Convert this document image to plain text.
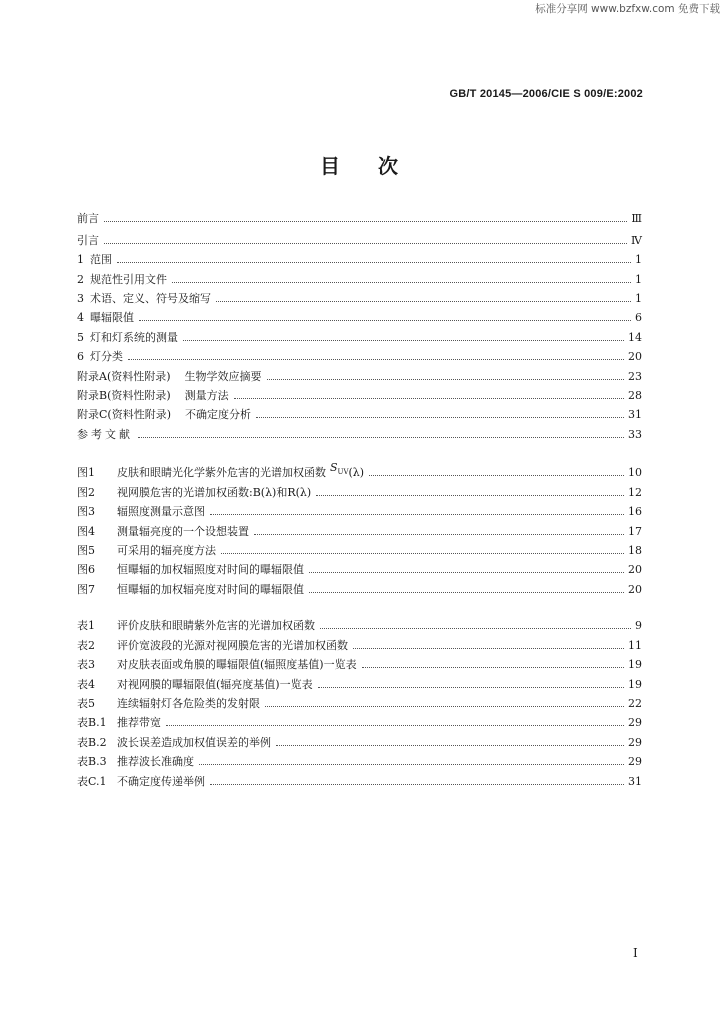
标准分享网 www.bzfxw.com 免费下载
GB/T 20145—2006/CIE S 009/E:2002
目次
前言	Ⅲ
引言	Ⅳ
1 范围	1
2 规范性引用文件	1
3 术语、定义、符号及缩写	1
4 曝辐限值	6
5 灯和灯系统的测量	14
6 灯分类	20
附录A(资料性附录) 生物学效应摘要	23
附录B(资料性附录) 测量方法	28
附录C(资料性附录) 不确定度分析	31
参考文献	33
图1	皮肤和眼睛光化学紫外危害的光谱加权函数 $S_{UV}$ (λ)	10
图2	视网膜危害的光谱加权函数:B(λ)和R(λ)	12
图3	辐照度测量示意图	16
图4	测量辐亮度的一个设想装置	17
图5	可采用的辐亮度方法	18
图6	恒曝辐的加权辐照度对时间的曝辐限值	20
图7	恒曝辐的加权辐亮度对时间的曝辐限值	20
表1	评价皮肤和眼睛紫外危害的光谱加权函数	9
表2	评价宽波段的光源对视网膜危害的光谱加权函数	11
表3	对皮肤表面或角膜的曝辐限值(辐照度基值)一览表	19
表4	对视网膜的曝辐限值(辐亮度基值)一览表	19
表5	连续辐射灯各危险类的发射限	22
表B.1 推荐带宽	29
表B.2 波长误差造成加权值误差的举例	29
表B.3 推荐波长准确度	29
表C.1 不确定度传递举例	31
I
